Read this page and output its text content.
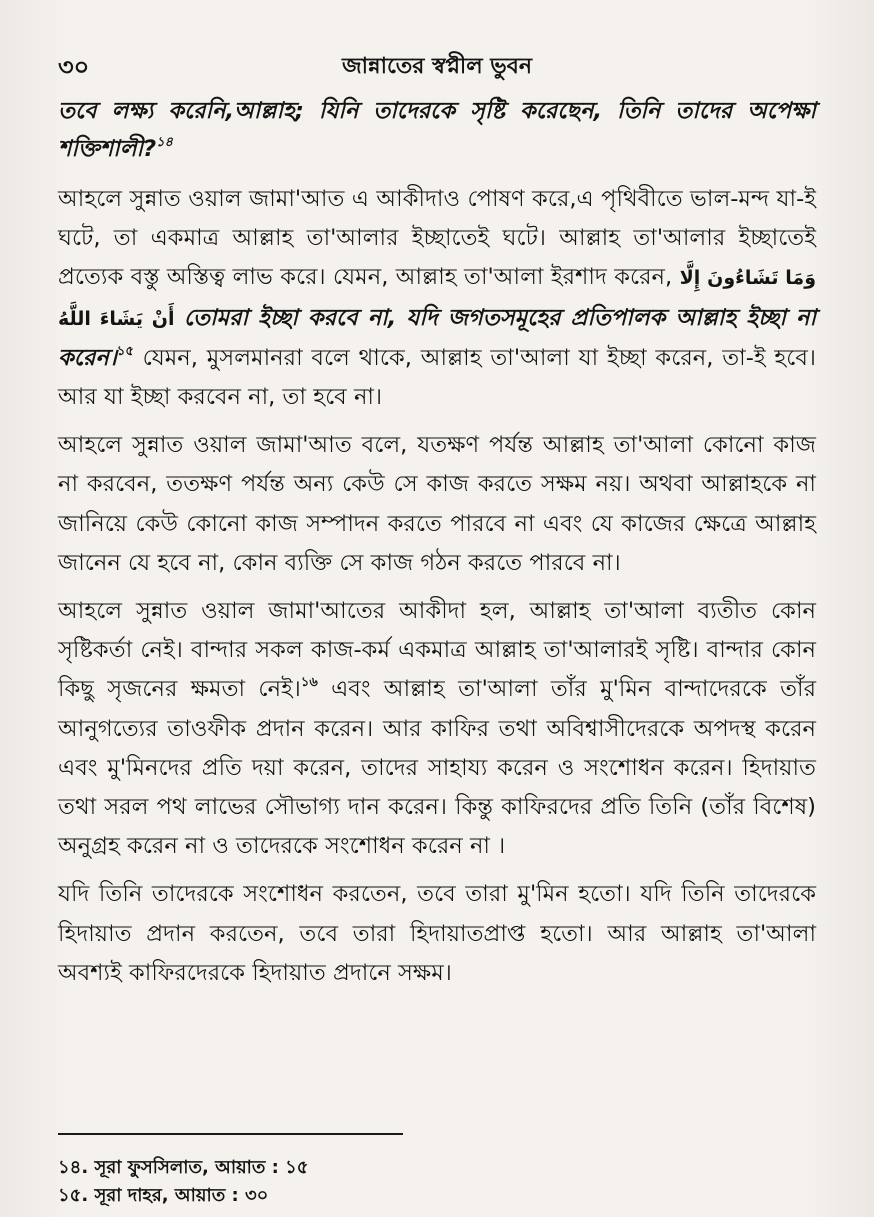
৩০	জান্নাতের স্বপ্নীল ভুবন

তবে লক্ষ্য করেনি,আল্লাহ; যিনি তাদেরকে সৃষ্টি করেছেন, তিনি তাদের অপেক্ষা শক্তিশালী?$^{১৪}$

আহলে সুন্নাত ওয়াল জামা'আত এ আকীদাও পোষণ করে,এ পৃথিবীতে ভাল-মন্দ যা-ই ঘটে, তা একমাত্র আল্লাহ তা'আলার ইচ্ছাতেই ঘটে। আল্লাহ তা'আলার ইচ্ছাতেই প্রত্যেক বস্তু অস্তিত্ব লাভ করে। যেমন, আল্লাহ তা'আলা ইরশাদ করেন, وَمَا تَشَاءُونَ إِلَّا أَنْ يَشَاءَ اللَّهُ তোমরা ইচ্ছা করবে না, যদি জগতসমূহের প্রতিপালক আল্লাহ ইচ্ছা না করেন।$^{১৫}$ যেমন, মুসলমানরা বলে থাকে, আল্লাহ তা'আলা যা ইচ্ছা করেন, তা-ই হবে। আর যা ইচ্ছা করবেন না, তা হবে না।

আহলে সুন্নাত ওয়াল জামা'আত বলে, যতক্ষণ পর্যন্ত আল্লাহ তা'আলা কোনো কাজ না করবেন, ততক্ষণ পর্যন্ত অন্য কেউ সে কাজ করতে সক্ষম নয়। অথবা আল্লাহকে না জানিয়ে কেউ কোনো কাজ সম্পাদন করতে পারবে না এবং যে কাজের ক্ষেত্রে আল্লাহ জানেন যে হবে না, কোন ব্যক্তি সে কাজ গঠন করতে পারবে না।

আহলে সুন্নাত ওয়াল জামা'আতের আকীদা হল, আল্লাহ তা'আলা ব্যতীত কোন সৃষ্টিকর্তা নেই। বান্দার সকল কাজ-কর্ম একমাত্র আল্লাহ তা'আলারই সৃষ্টি। বান্দার কোন কিছু সৃজনের ক্ষমতা নেই।$^{১৬}$ এবং আল্লাহ তা'আলা তাঁর মু'মিন বান্দাদেরকে তাঁর আনুগত্যের তাওফীক প্রদান করেন। আর কাফির তথা অবিশ্বাসীদেরকে অপদস্থ করেন এবং মু'মিনদের প্রতি দয়া করেন, তাদের সাহায্য করেন ও সংশোধন করেন। হিদায়াত তথা সরল পথ লাভের সৌভাগ্য দান করেন। কিন্তু কাফিরদের প্রতি তিনি (তাঁর বিশেষ) অনুগ্রহ করেন না ও তাদেরকে সংশোধন করেন না ।

যদি তিনি তাদেরকে সংশোধন করতেন, তবে তারা মু'মিন হতো। যদি তিনি তাদেরকে হিদায়াত প্রদান করতেন, তবে তারা হিদায়াতপ্রাপ্ত হতো। আর আল্লাহ তা'আলা অবশ্যই কাফিরদেরকে হিদায়াত প্রদানে সক্ষম।

১৪. সূরা ফুসসিলাত, আয়াত : ১৫
১৫. সূরা দাহর, আয়াত : ৩০
